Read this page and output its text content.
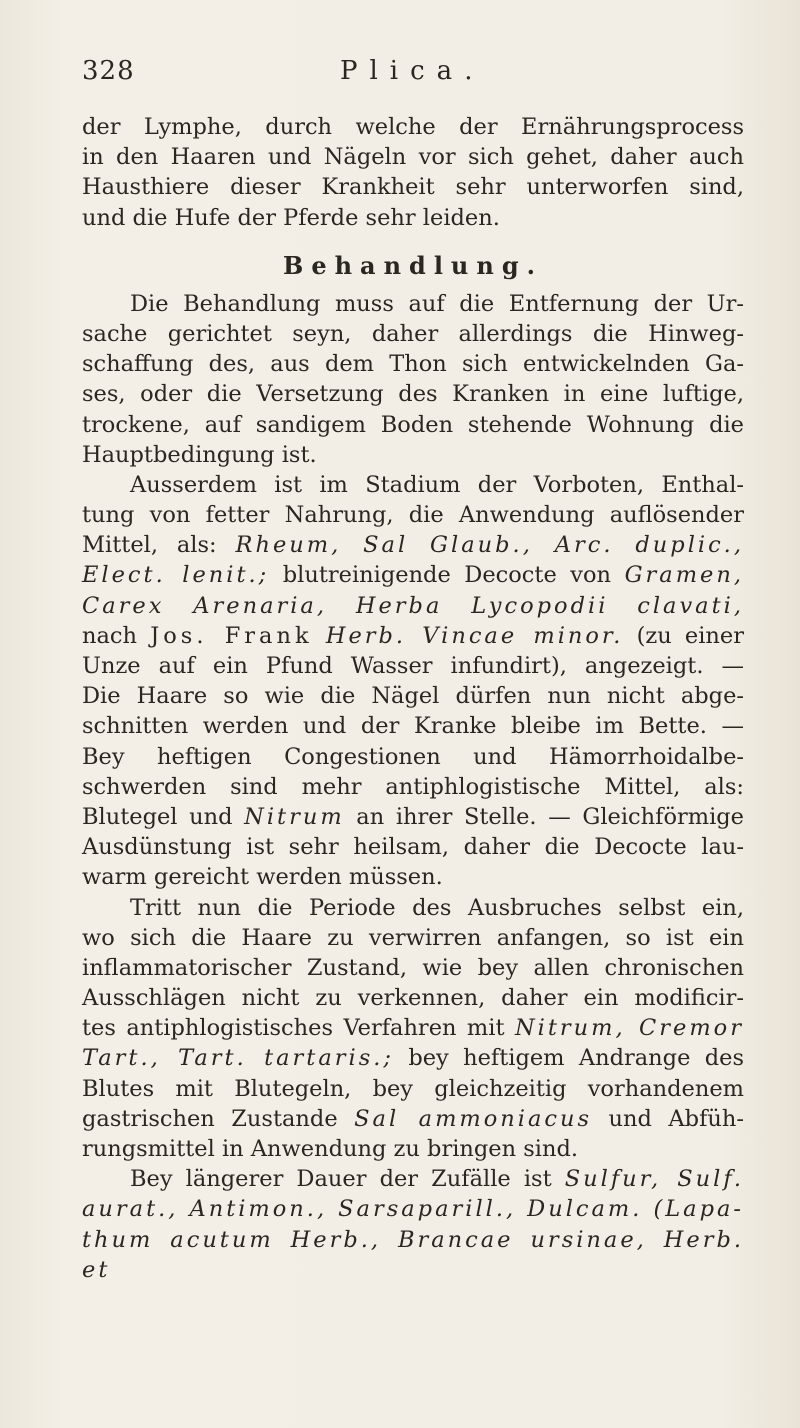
328	Plica.
der Lymphe, durch welche der Ernährungsprocess
in den Haaren und Nägeln vor sich gehet, daher auch
Hausthiere dieser Krankheit sehr unterworfen sind,
und die Hufe der Pferde sehr leiden.
Behandlung.
Die Behandlung muss auf die Entfernung der Ur-
sache gerichtet seyn, daher allerdings die Hinweg-
schaffung des, aus dem Thon sich entwickelnden Ga-
ses, oder die Versetzung des Kranken in eine luftige,
trockene, auf sandigem Boden stehende Wohnung die
Hauptbedingung ist.
Ausserdem ist im Stadium der Vorboten, Enthal-
tung von fetter Nahrung, die Anwendung auflösender
Mittel, als: Rheum, Sal Glaub., Arc. duplic.,
Elect. lenit.; blutreinigende Decocte von Gramen,
Carex Arenaria, Herba Lycopodii clavati,
nach Jos. Frank Herb. Vincae minor. (zu einer
Unze auf ein Pfund Wasser infundirt), angezeigt. —
Die Haare so wie die Nägel dürfen nun nicht abge-
schnitten werden und der Kranke bleibe im Bette. —
Bey heftigen Congestionen und Hämorrhoidalbe-
schwerden sind mehr antiphlogistische Mittel, als:
Blutegel und Nitrum an ihrer Stelle. — Gleichförmige
Ausdünstung ist sehr heilsam, daher die Decocte lau-
warm gereicht werden müssen.
Tritt nun die Periode des Ausbruches selbst ein,
wo sich die Haare zu verwirren anfangen, so ist ein
inflammatorischer Zustand, wie bey allen chronischen
Ausschlägen nicht zu verkennen, daher ein modificir-
tes antiphlogistisches Verfahren mit Nitrum, Cremor
Tart., Tart. tartaris.; bey heftigem Andrange des
Blutes mit Blutegeln, bey gleichzeitig vorhandenem
gastrischen Zustande Sal ammoniacus und Abfüh-
rungsmittel in Anwendung zu bringen sind.
Bey längerer Dauer der Zufälle ist Sulfur, Sulf.
aurat., Antimon., Sarsaparill., Dulcam. (Lapa-
thum acutum Herb., Brancae ursinae, Herb. et
